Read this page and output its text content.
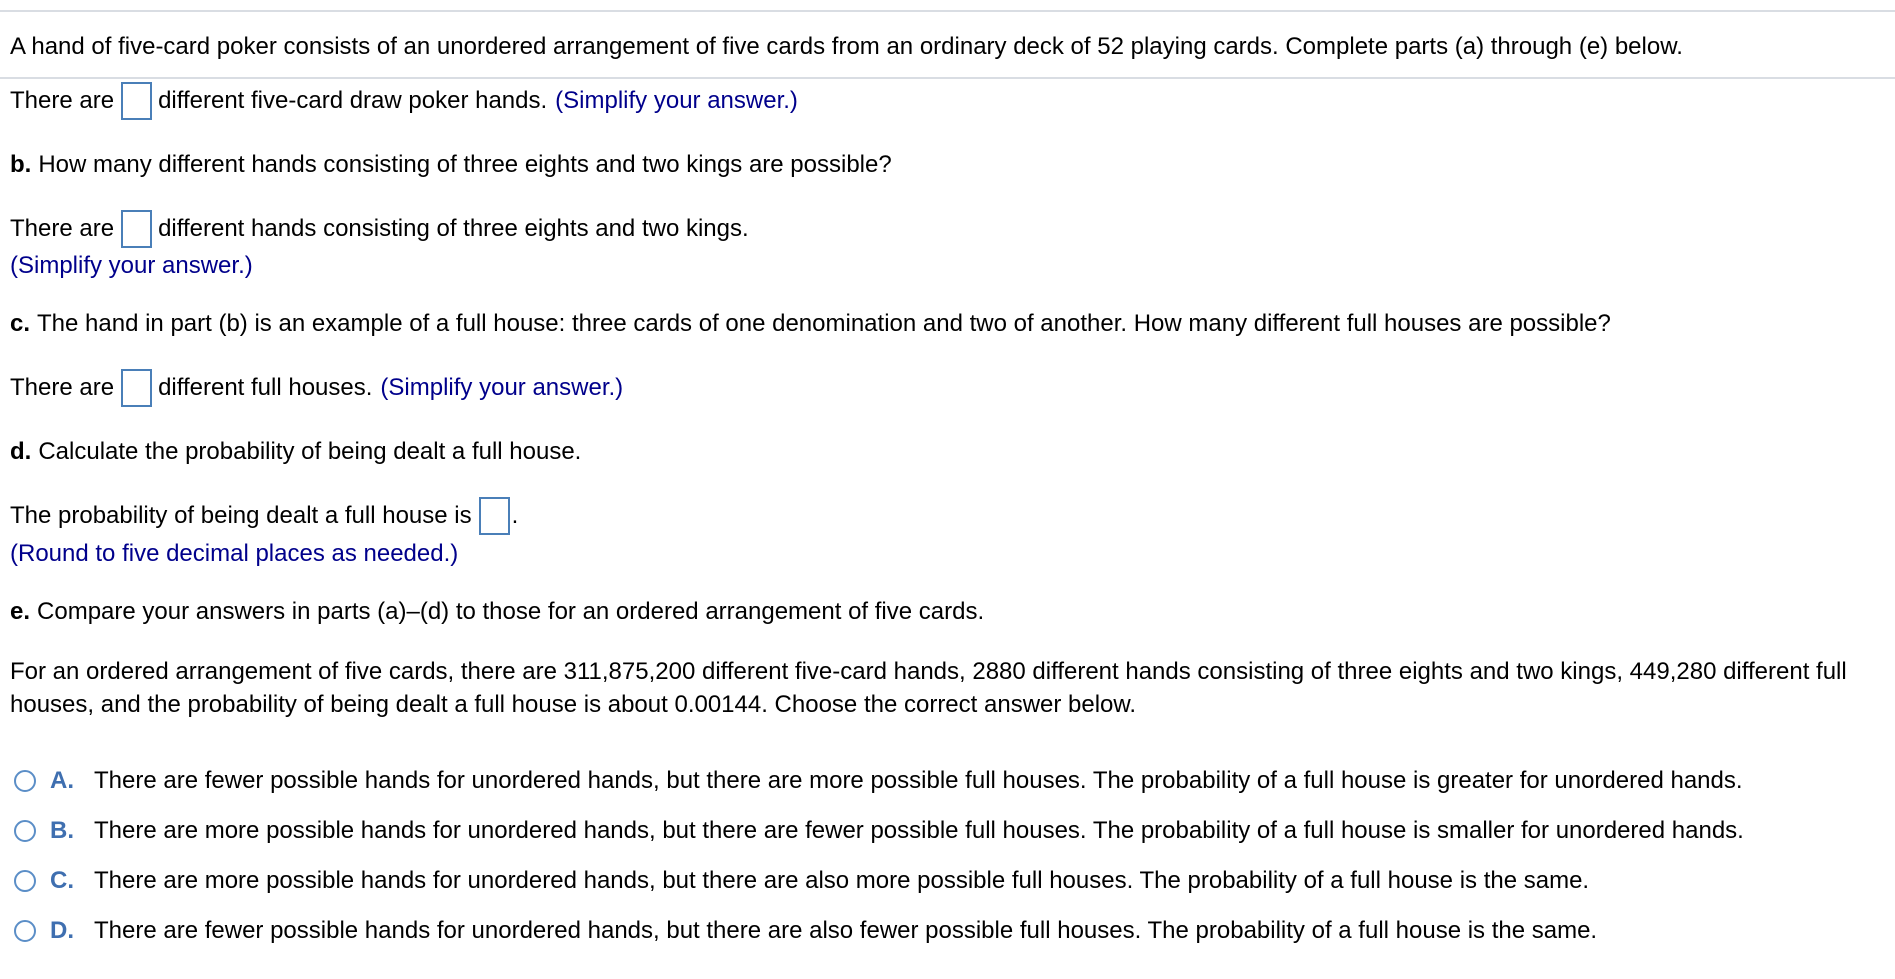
A hand of five-card poker consists of an unordered arrangement of five cards from an ordinary deck of 52 playing cards. Complete parts (a) through (e) below.
There are different five-card draw poker hands. (Simplify your answer.)
b. How many different hands consisting of three eights and two kings are possible?
There are different hands consisting of three eights and two kings.
(Simplify your answer.)
c. The hand in part (b) is an example of a full house: three cards of one denomination and two of another. How many different full houses are possible?
There are different full houses. (Simplify your answer.)
d. Calculate the probability of being dealt a full house.
The probability of being dealt a full house is .
(Round to five decimal places as needed.)
e. Compare your answers in parts (a)–(d) to those for an ordered arrangement of five cards.
For an ordered arrangement of five cards, there are 311,875,200 different five-card hands, 2880 different hands consisting of three eights and two kings, 449,280 different full houses, and the probability of being dealt a full house is about 0.00144. Choose the correct answer below.
A. There are fewer possible hands for unordered hands, but there are more possible full houses. The probability of a full house is greater for unordered hands.
B. There are more possible hands for unordered hands, but there are fewer possible full houses. The probability of a full house is smaller for unordered hands.
C. There are more possible hands for unordered hands, but there are also more possible full houses. The probability of a full house is the same.
D. There are fewer possible hands for unordered hands, but there are also fewer possible full houses. The probability of a full house is the same.
